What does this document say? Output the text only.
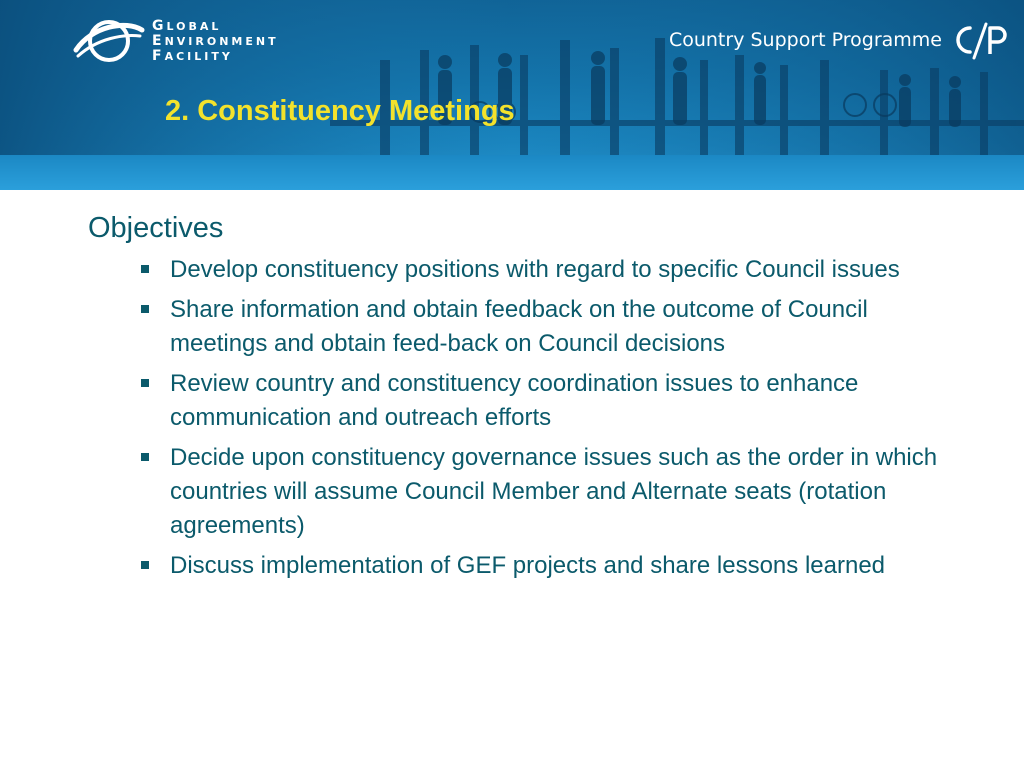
GLOBAL
ENVIRONMENT
FACILITY
Country Support Programme
2. Constituency Meetings
Objectives
Develop constituency positions with regard to specific Council issues
Share information and obtain feedback on the outcome of Council meetings and obtain feed-back on Council decisions
Review country and constituency coordination issues to enhance communication and outreach efforts
Decide upon constituency governance issues such as the order in which countries will assume Council Member and Alternate seats (rotation agreements)
Discuss implementation of GEF projects and share lessons learned
